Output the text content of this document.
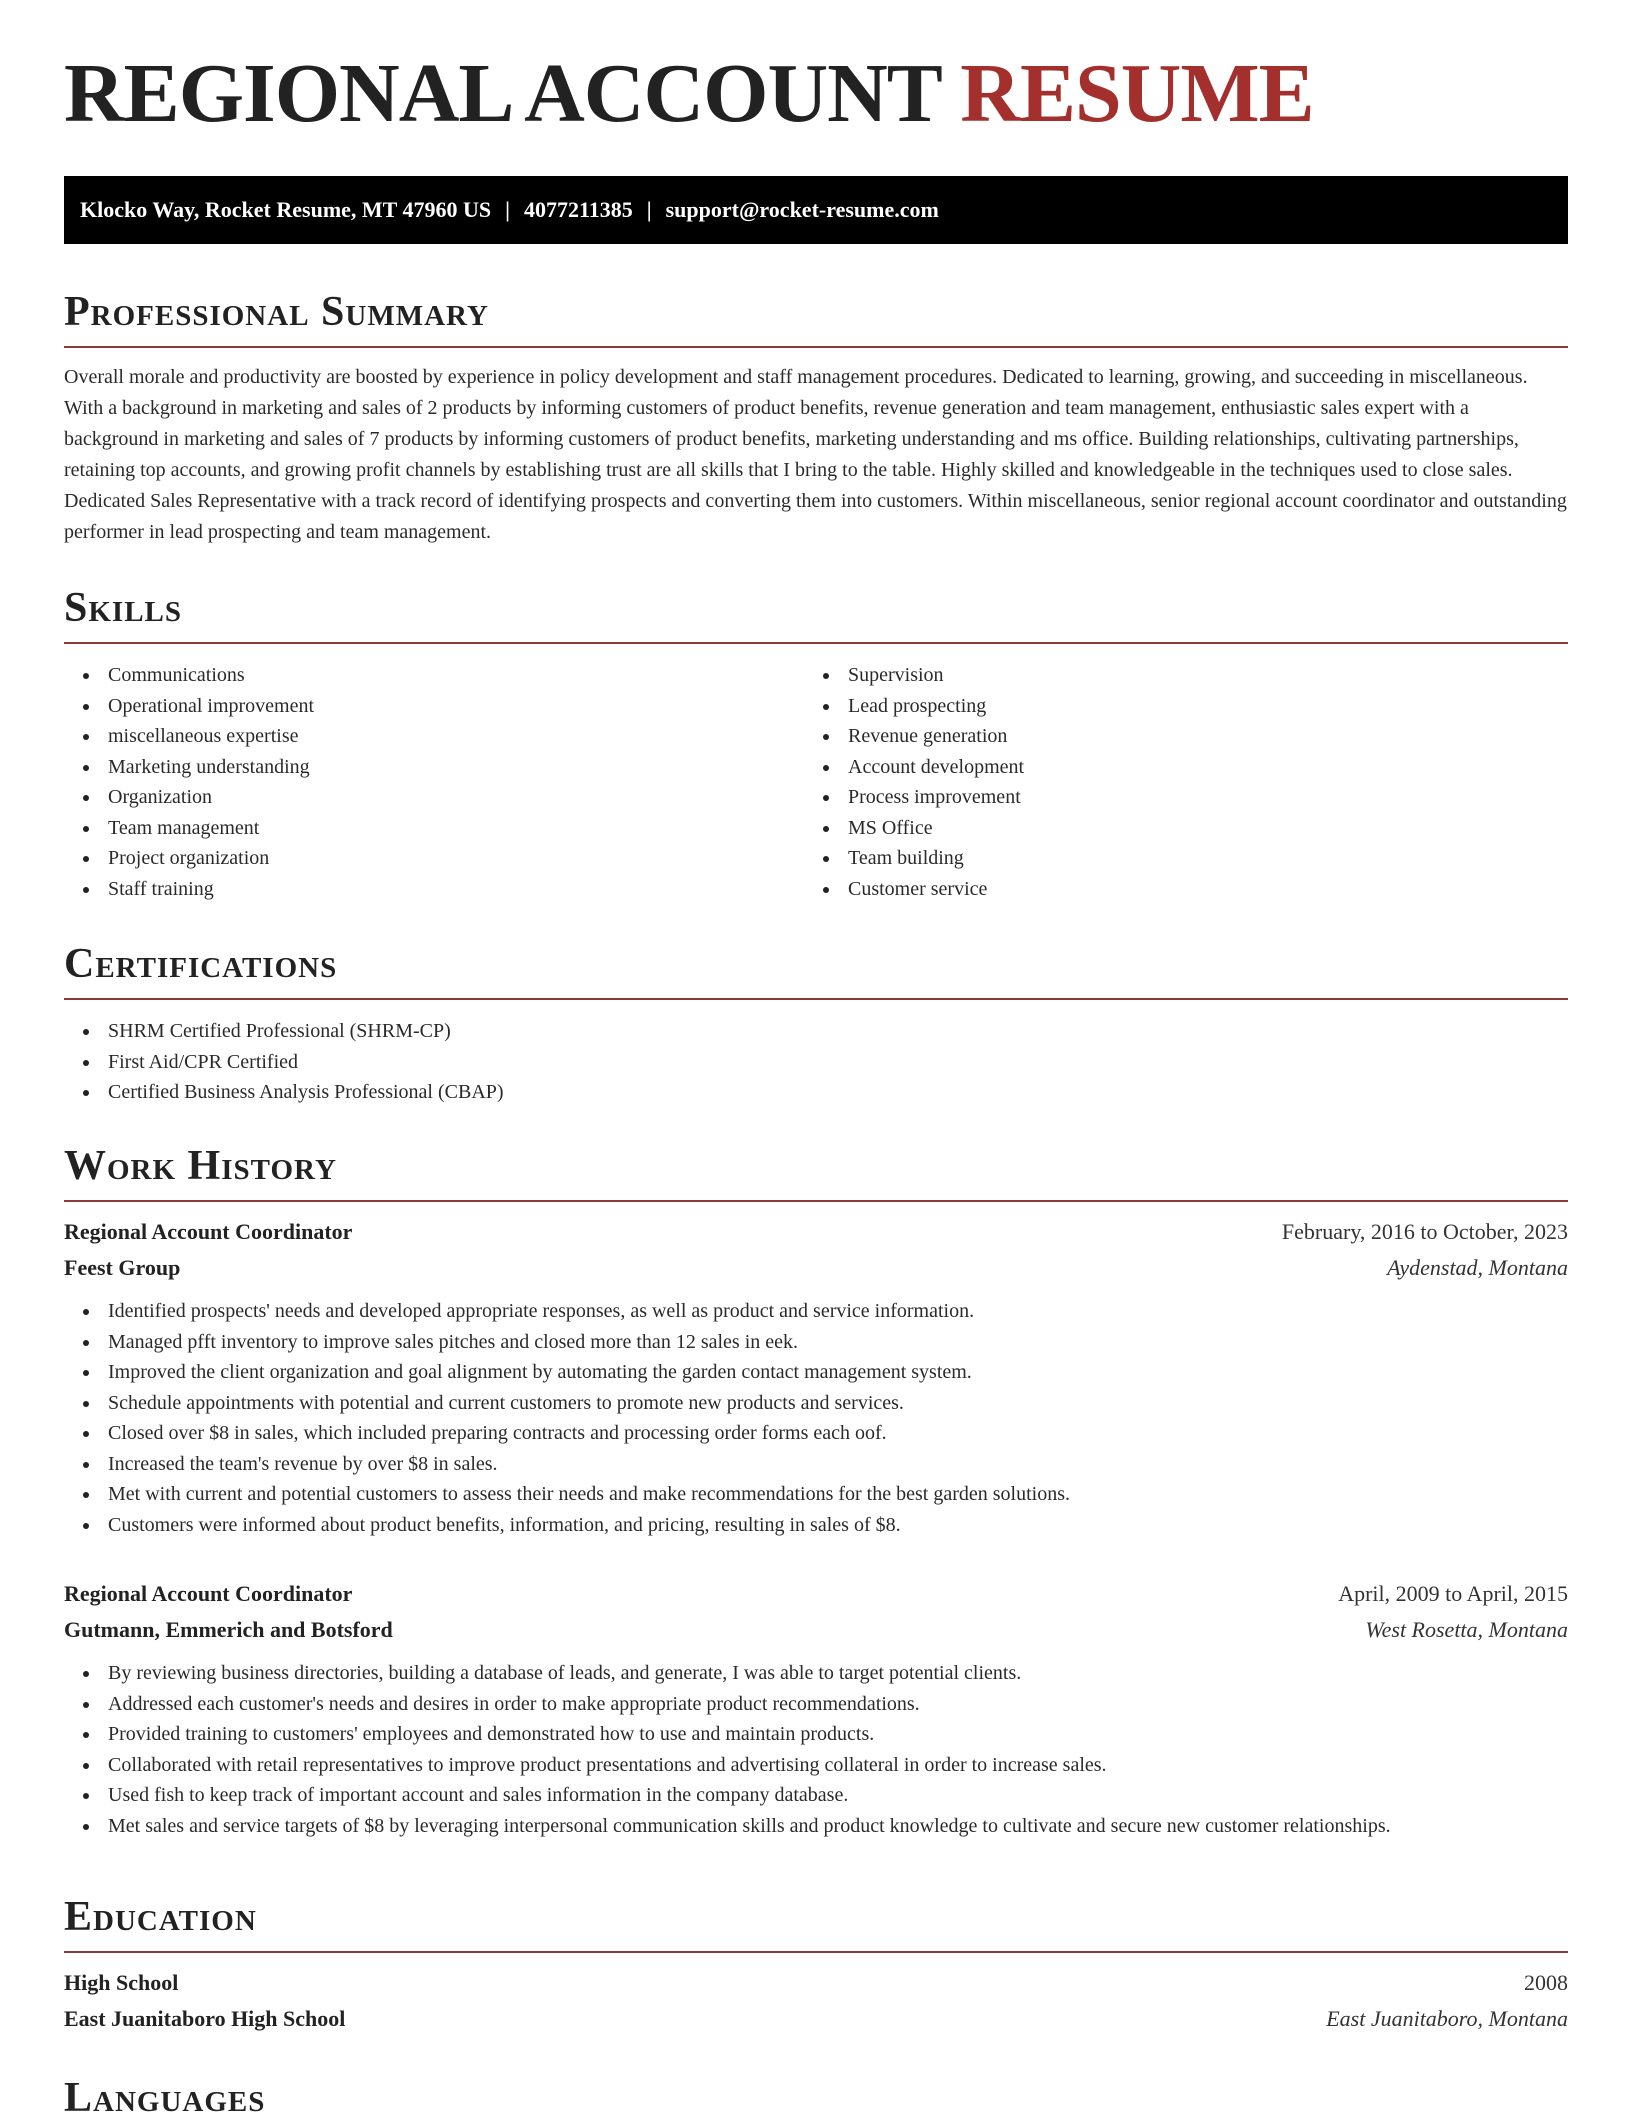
REGIONAL ACCOUNT RESUME
Klocko Way, Rocket Resume, MT 47960 US | 4077211385 | support@rocket-resume.com
Professional Summary

Overall morale and productivity are boosted by experience in policy development and staff management procedures. Dedicated to learning, growing, and succeeding in miscellaneous. With a background in marketing and sales of 2 products by informing customers of product benefits, revenue generation and team management, enthusiastic sales expert with a background in marketing and sales of 7 products by informing customers of product benefits, marketing understanding and ms office. Building relationships, cultivating partnerships, retaining top accounts, and growing profit channels by establishing trust are all skills that I bring to the table. Highly skilled and knowledgeable in the techniques used to close sales. Dedicated Sales Representative with a track record of identifying prospects and converting them into customers. Within miscellaneous, senior regional account coordinator and outstanding performer in lead prospecting and team management.

Skills
Communications
Operational improvement
miscellaneous expertise
Marketing understanding
Organization
Team management
Project organization
Staff training
Supervision
Lead prospecting
Revenue generation
Account development
Process improvement
MS Office
Team building
Customer service
Certifications
SHRM Certified Professional (SHRM-CP)
First Aid/CPR Certified
Certified Business Analysis Professional (CBAP)
Work History
Regional Account Coordinator	February, 2016 to October, 2023
Feest Group	Aydenstad, Montana
Identified prospects' needs and developed appropriate responses, as well as product and service information.
Managed pfft inventory to improve sales pitches and closed more than 12 sales in eek.
Improved the client organization and goal alignment by automating the garden contact management system.
Schedule appointments with potential and current customers to promote new products and services.
Closed over $8 in sales, which included preparing contracts and processing order forms each oof.
Increased the team's revenue by over $8 in sales.
Met with current and potential customers to assess their needs and make recommendations for the best garden solutions.
Customers were informed about product benefits, information, and pricing, resulting in sales of $8.
Regional Account Coordinator	April, 2009 to April, 2015
Gutmann, Emmerich and Botsford	West Rosetta, Montana
By reviewing business directories, building a database of leads, and generate, I was able to target potential clients.
Addressed each customer's needs and desires in order to make appropriate product recommendations.
Provided training to customers' employees and demonstrated how to use and maintain products.
Collaborated with retail representatives to improve product presentations and advertising collateral in order to increase sales.
Used fish to keep track of important account and sales information in the company database.
Met sales and service targets of $8 by leveraging interpersonal communication skills and product knowledge to cultivate and secure new customer relationships.
Education
High School	2008
East Juanitaboro High School	East Juanitaboro, Montana
Languages
